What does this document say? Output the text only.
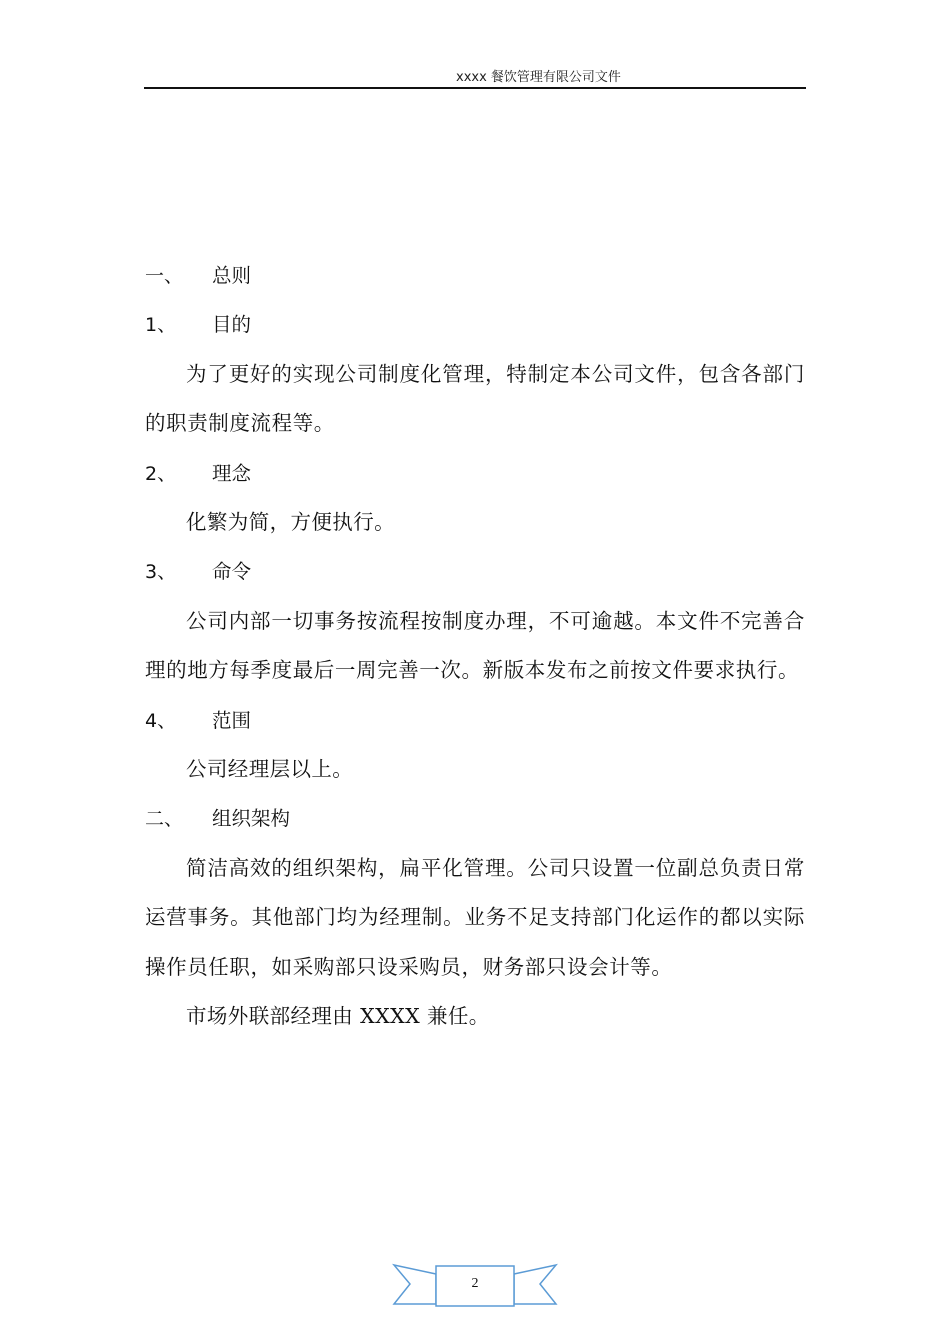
xxxx 餐饮管理有限公司文件
一、 总则
1、 目的
为了更好的实现公司制度化管理，特制定本公司文件，包含各部门的职责制度流程等。
2、 理念
化繁为简，方便执行。
3、 命令
公司内部一切事务按流程按制度办理，不可逾越。本文件不完善合理的地方每季度最后一周完善一次。新版本发布之前按文件要求执行。
4、 范围
公司经理层以上。
二、 组织架构
简洁高效的组织架构，扁平化管理。公司只设置一位副总负责日常运营事务。其他部门均为经理制。业务不足支持部门化运作的都以实际操作员任职，如采购部只设采购员，财务部只设会计等。
市场外联部经理由 XXXX 兼任。
2
